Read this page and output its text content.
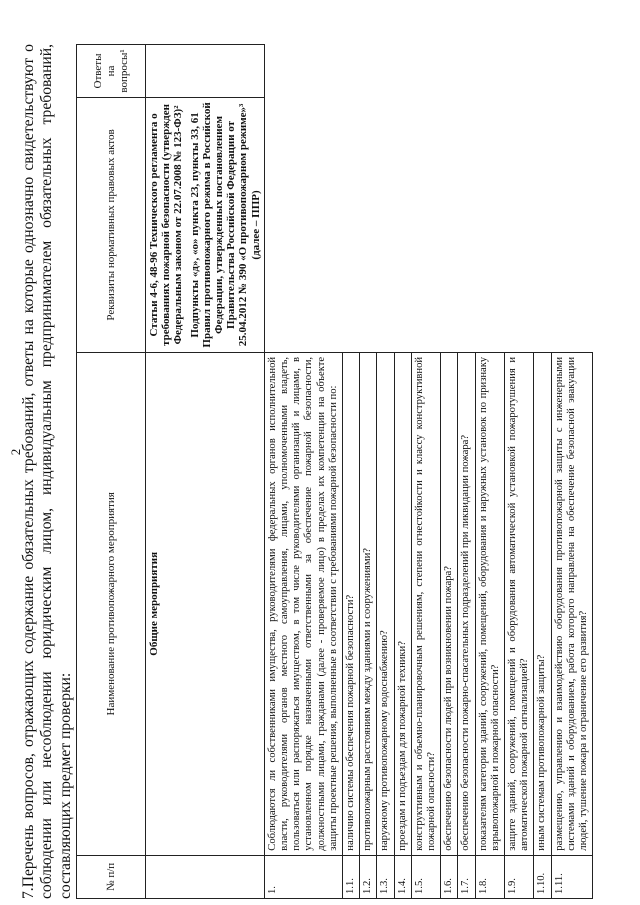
2
7.Перечень вопросов, отражающих содержание обязательных требований, ответы на которые однозначно свидетельствуют о соблюдении или несоблюдении юридическим лицом, индивидуальным предпринимателем обязательных требований, составляющих предмет проверки:	№ п/п	Наименование противопожарного мероприятия	Реквизиты нормативных правовых актов	Ответы на вопросы¹
	Общие мероприятия	Статьи 4-6, 48-96 Технического регламента о требованиях пожарной безопасности (утвержден Федеральным законом от 22.07.2008 № 123-ФЗ)² Подпункты «д», «о» пункта 23, пункты 33, 61 Правил противопожарного режима в Российской Федерации, утвержденных постановлением Правительства Российской Федерации от 25.04.2012 № 390 «О противопожарном режиме»³ (далее – ППР)	

1.	Соблюдаются ли собственниками имущества, руководителями федеральных органов исполнительной власти, руководителями органов местного самоуправления, лицами, уполномоченными владеть, пользоваться или распоряжаться имуществом, в том числе руководителями организаций и лицами, в установленном порядке назначенными ответственными за обеспечение пожарной безопасности, должностными лицами, гражданами (далее - проверяемое лицо) в пределах их компетенции на объекте защиты проектные решения, выполненные в соответствии с требованиями пожарной безопасности по:		
1.1.	наличию системы обеспечения пожарной безопасности?		
1.2.	противопожарным расстояниям между зданиями и сооружениями?		
1.3.	наружному противопожарному водоснабжению?		
1.4.	проездам и подъездам для пожарной техники?		
1.5.	конструктивным и объемно-планировочным решениям, степени огнестойкости и классу конструктивной пожарной опасности?		
1.6.	обеспечению безопасности людей при возникновении пожара?		
1.7.	обеспечению безопасности пожарно-спасательных подразделений при ликвидации пожара?		
1.8.	показателям категории зданий, сооружений, помещений, оборудования и наружных установок по признаку взрывопожарной и пожарной опасности?		
1.9.	защите зданий, сооружений, помещений и оборудования автоматической установкой пожаротушения и автоматической пожарной сигнализацией?		
1.10.	иным системам противопожарной защиты?		
1.11.	размещению, управлению и взаимодействию оборудования противопожарной защиты с инженерными системами зданий и оборудованием, работа которого направлена на обеспечение безопасной эвакуации людей, тушение пожара и ограничение его развития?		
